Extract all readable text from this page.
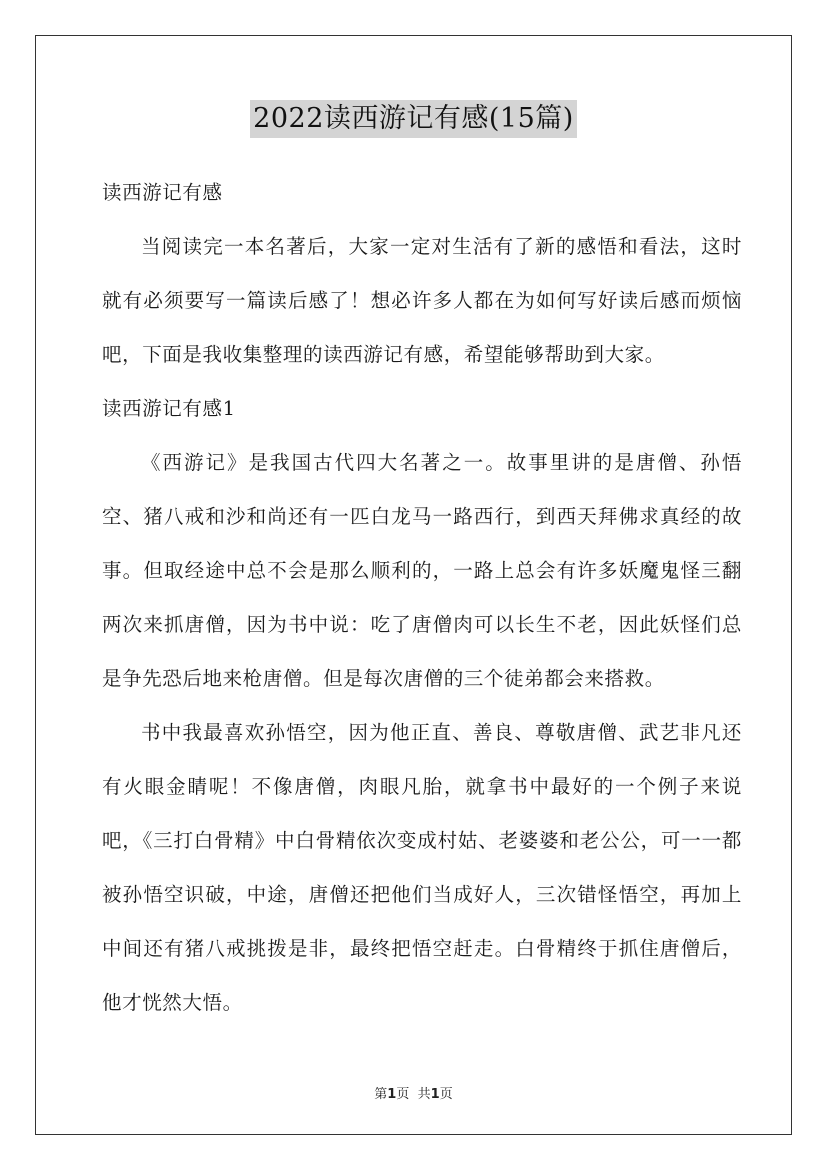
2022读西游记有感(15篇)

读西游记有感

当阅读完一本名著后，大家一定对生活有了新的感悟和看法，这时就有必须要写一篇读后感了！想必许多人都在为如何写好读后感而烦恼吧，下面是我收集整理的读西游记有感，希望能够帮助到大家。

读西游记有感1

《西游记》是我国古代四大名著之一。故事里讲的是唐僧、孙悟空、猪八戒和沙和尚还有一匹白龙马一路西行，到西天拜佛求真经的故事。但取经途中总不会是那么顺利的，一路上总会有许多妖魔鬼怪三翻两次来抓唐僧，因为书中说：吃了唐僧肉可以长生不老，因此妖怪们总是争先恐后地来枪唐僧。但是每次唐僧的三个徒弟都会来搭救。

书中我最喜欢孙悟空，因为他正直、善良、尊敬唐僧、武艺非凡还有火眼金睛呢！不像唐僧，肉眼凡胎，就拿书中最好的一个例子来说吧，《三打白骨精》中白骨精依次变成村姑、老婆婆和老公公，可一一都被孙悟空识破，中途，唐僧还把他们当成好人，三次错怪悟空，再加上中间还有猪八戒挑拨是非，最终把悟空赶走。白骨精终于抓住唐僧后，他才恍然大悟。

第1页 共1页
